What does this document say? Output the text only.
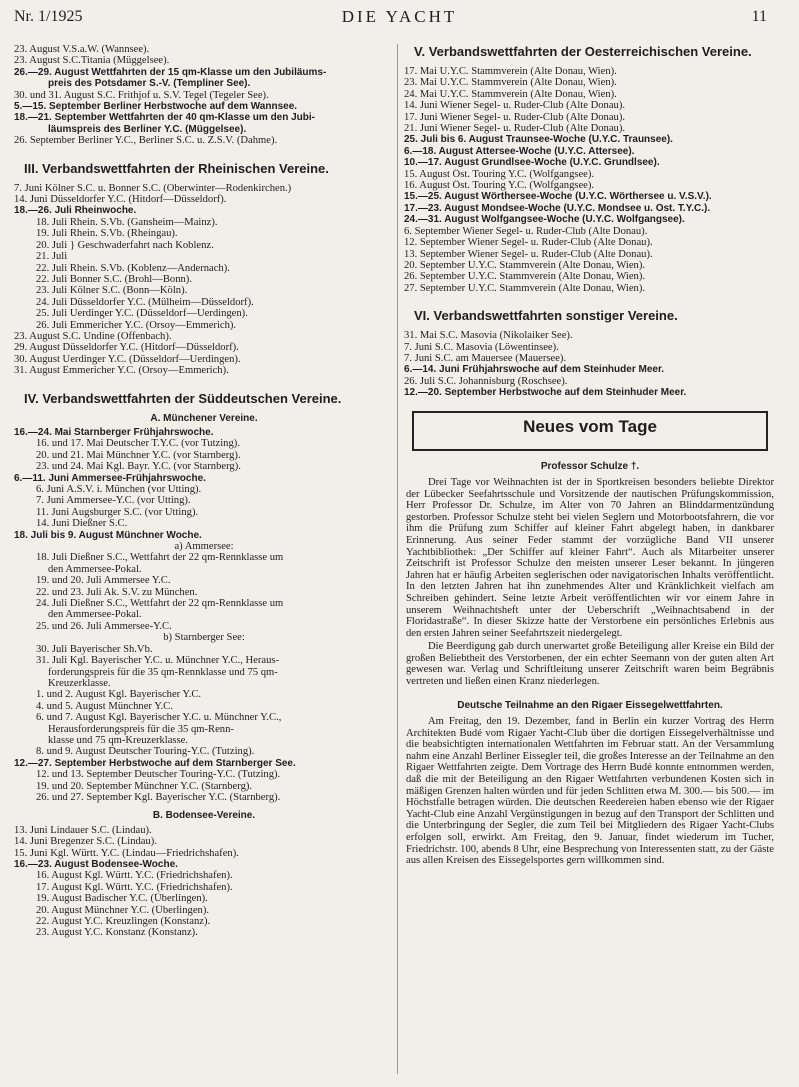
Nr. 1/1925	DIE YACHT	11
23. August V.S.a.W. (Wannsee).
23. August S.C.Titania (Müggelsee).
26.—29. August Wettfahrten der 15 qm-Klasse um den Jubiläums-
preis des Potsdamer S.-V. (Templiner See).
30. und 31. August S.C. Frithjof u. S.V. Tegel (Tegeler See).
5.—15. September Berliner Herbstwoche auf dem Wannsee.
18.—21. September Wettfahrten der 40 qm-Klasse um den Jubi-
läumspreis des Berliner Y.C. (Müggelsee).
26. September Berliner Y.C., Berliner S.C. u. Z.S.V. (Dahme).
III. Verbandswettfahrten der Rheinischen Vereine.
7. Juni Kölner S.C. u. Bonner S.C. (Oberwinter—Rodenkirchen.)
14. Juni Düsseldorfer Y.C. (Hitdorf—Düsseldorf).
18.—26. Juli Rheinwoche.
18. Juli Rhein. S.Vb. (Gansheim—Mainz).
19. Juli Rhein. S.Vb. (Rheingau).
20. Juli } Geschwaderfahrt nach Koblenz.
21. Juli
22. Juli Rhein. S.Vb. (Koblenz—Andernach).
22. Juli Bonner S.C. (Brohl—Bonn).
23. Juli Kölner S.C. (Bonn—Köln).
24. Juli Düsseldorfer Y.C. (Mülheim—Düsseldorf).
25. Juli Uerdinger Y.C. (Düsseldorf—Uerdingen).
26. Juli Emmericher Y.C. (Orsoy—Emmerich).
23. August S.C. Undine (Offenbach).
29. August Düsseldorfer Y.C. (Hitdorf—Düsseldorf).
30. August Uerdinger Y.C. (Düsseldorf—Uerdingen).
31. August Emmericher Y.C. (Orsoy—Emmerich).
IV. Verbandswettfahrten der Süddeutschen Vereine.
A. Münchener Vereine.
16.—24. Mai Starnberger Frühjahrswoche.
16. und 17. Mai Deutscher T.Y.C. (vor Tutzing).
20. und 21. Mai Münchner Y.C. (vor Starnberg).
23. und 24. Mai Kgl. Bayr. Y.C. (vor Starnberg).
6.—11. Juni Ammersee-Frühjahrswoche.
6. Juni A.S.V. i. München (vor Utting).
7. Juni Ammersee-Y.C. (vor Utting).
11. Juni Augsburger S.C. (vor Utting).
14. Juni Dießner S.C.
18. Juli bis 9. August Münchner Woche.
a) Ammersee:
18. Juli Dießner S.C., Wettfahrt der 22 qm-Rennklasse um
den Ammersee-Pokal.
19. und 20. Juli Ammersee Y.C.
22. und 23. Juli Ak. S.V. zu München.
24. Juli Dießner S.C., Wettfahrt der 22 qm-Rennklasse um
den Ammersee-Pokal.
25. und 26. Juli Ammersee-Y.C.
b) Starnberger See:
30. Juli Bayerischer Sh.Vb.
31. Juli Kgl. Bayerischer Y.C. u. Münchner Y.C., Heraus-
forderungspreis für die 35 qm-Rennklasse und 75 qm-
Kreuzerklasse.
1. und 2. August Kgl. Bayerischer Y.C.
4. und 5. August Münchner Y.C.
6. und 7. August Kgl. Bayerischer Y.C. u. Münchner Y.C.,
Herausforderungspreis für die 35 qm-Renn-
klasse und 75 qm-Kreuzerklasse.
8. und 9. August Deutscher Touring-Y.C. (Tutzing).
12.—27. September Herbstwoche auf dem Starnberger See.
12. und 13. September Deutscher Touring-Y.C. (Tutzing).
19. und 20. September Münchner Y.C. (Starnberg).
26. und 27. September Kgl. Bayerischer Y.C. (Starnberg).
B. Bodensee-Vereine.
13. Juni Lindauer S.C. (Lindau).
14. Juni Bregenzer S.C. (Lindau).
15. Juni Kgl. Württ. Y.C. (Lindau—Friedrichshafen).
16.—23. August Bodensee-Woche.
16. August Kgl. Württ. Y.C. (Friedrichshafen).
17. August Kgl. Württ. Y.C. (Friedrichshafen).
19. August Badischer Y.C. (Überlingen).
20. August Münchner Y.C. (Überlingen).
22. August Y.C. Kreuzlingen (Konstanz).
23. August Y.C. Konstanz (Konstanz).
V. Verbandswettfahrten der Oesterreichischen Vereine.
17. Mai U.Y.C. Stammverein (Alte Donau, Wien).
23. Mai U.Y.C. Stammverein (Alte Donau, Wien).
24. Mai U.Y.C. Stammverein (Alte Donau, Wien).
14. Juni Wiener Segel- u. Ruder-Club (Alte Donau).
17. Juni Wiener Segel- u. Ruder-Club (Alte Donau).
21. Juni Wiener Segel- u. Ruder-Club (Alte Donau).
25. Juli bis 6. August Traunsee-Woche (U.Y.C. Traunsee).
6.—18. August Attersee-Woche (U.Y.C. Attersee).
10.—17. August Grundlsee-Woche (U.Y.C. Grundlsee).
15. August Öst. Touring Y.C. (Wolfgangsee).
16. August Öst. Touring Y.C. (Wolfgangsee).
15.—25. August Wörthersee-Woche (U.Y.C. Wörthersee u. V.S.V.).
17.—23. August Mondsee-Woche (U.Y.C. Mondsee u. Öst. T.Y.C.).
24.—31. August Wolfgangsee-Woche (U.Y.C. Wolfgangsee).
6. September Wiener Segel- u. Ruder-Club (Alte Donau).
12. September Wiener Segel- u. Ruder-Club (Alte Donau).
13. September Wiener Segel- u. Ruder-Club (Alte Donau).
20. September U.Y.C. Stammverein (Alte Donau, Wien).
26. September U.Y.C. Stammverein (Alte Donau, Wien).
27. September U.Y.C. Stammverein (Alte Donau, Wien).
VI. Verbandswettfahrten sonstiger Vereine.
31. Mai S.C. Masovia (Nikolaiker See).
7. Juni S.C. Masovia (Löwentinsee).
7. Juni S.C. am Mauersee (Mauersee).
6.—14. Juni Frühjahrswoche auf dem Steinhuder Meer.
26. Juli S.C. Johannisburg (Roschsee).
12.—20. September Herbstwoche auf dem Steinhuder Meer.
Neues vom Tage
Professor Schulze †.

Drei Tage vor Weihnachten ist der in Sportkreisen besonders beliebte Direktor der Lübecker Seefahrtsschule und Vorsitzende der nautischen Prüfungskommission, Herr Professor Dr. Schulze, im Alter von 70 Jahren an Blinddarmentzündung gestorben. Professor Schulze steht bei vielen Seglern und Motorbootsfahrern, die vor ihm die Prüfung zum Schiffer auf kleiner Fahrt abgelegt haben, in dankbarer Erinnerung. Aus seiner Feder stammt der vorzügliche Band VII unserer Yachtbibliothek: „Der Schiffer auf kleiner Fahrt“. Auch als Mitarbeiter unserer Zeitschrift ist Professor Schulze den meisten unserer Leser bekannt. In jüngeren Jahren hat er häufig Arbeiten seglerischen oder navigatorischen Inhalts veröffentlicht. In den letzten Jahren hat ihn zunehmendes Alter und Kränklichkeit vielfach am Schreiben gehindert. Seine letzte Arbeit veröffentlichten wir vor einem Jahre in unserem Weihnachtsheft unter der Ueberschrift „Weihnachtsabend in der Floridastraße“. In dieser Skizze hatte der Verstorbene ein persönliches Erlebnis aus den ersten Jahren seiner Seefahrtszeit niedergelegt.

Die Beerdigung gab durch unerwartet große Beteiligung aller Kreise ein Bild der großen Beliebtheit des Verstorbenen, der ein echter Seemann von der guten alten Art gewesen war. Verlag und Schriftleitung unserer Zeitschrift waren beim Begräbnis vertreten und ließen einen Kranz niederlegen.

Deutsche Teilnahme an den Rigaer Eissegelwettfahrten.

Am Freitag, den 19. Dezember, fand in Berlin ein kurzer Vortrag des Herrn Architekten Budé vom Rigaer Yacht-Club über die dortigen Eissegelverhältnisse und die beabsichtigten internationalen Wettfahrten im Februar statt. An der Versammlung nahm eine Anzahl Berliner Eissegler teil, die großes Interesse an der Teilnahme an den Rigaer Wettfahrten zeigte. Dem Vortrage des Herrn Budé konnte entnommen werden, daß die mit der Beteiligung an den Rigaer Wettfahrten verbundenen Kosten sich in mäßigen Grenzen halten würden und für jeden Schlitten etwa M. 300.— bis 500.— im Höchstfalle betragen würden. Die deutschen Reedereien haben ebenso wie der Rigaer Yacht-Club eine Anzahl Vergünstigungen in bezug auf den Transport der Schlitten und die Unterbringung der Segler, die zum Teil bei Mitgliedern des Rigaer Yacht-Clubs erfolgen soll, erwirkt. Am Freitag, den 9. Januar, findet wiederum im Tucher, Friedrichstr. 100, abends 8 Uhr, eine Besprechung von Interessenten statt, zu der Gäste aus allen Kreisen des Eissegelsportes gern willkommen sind.
